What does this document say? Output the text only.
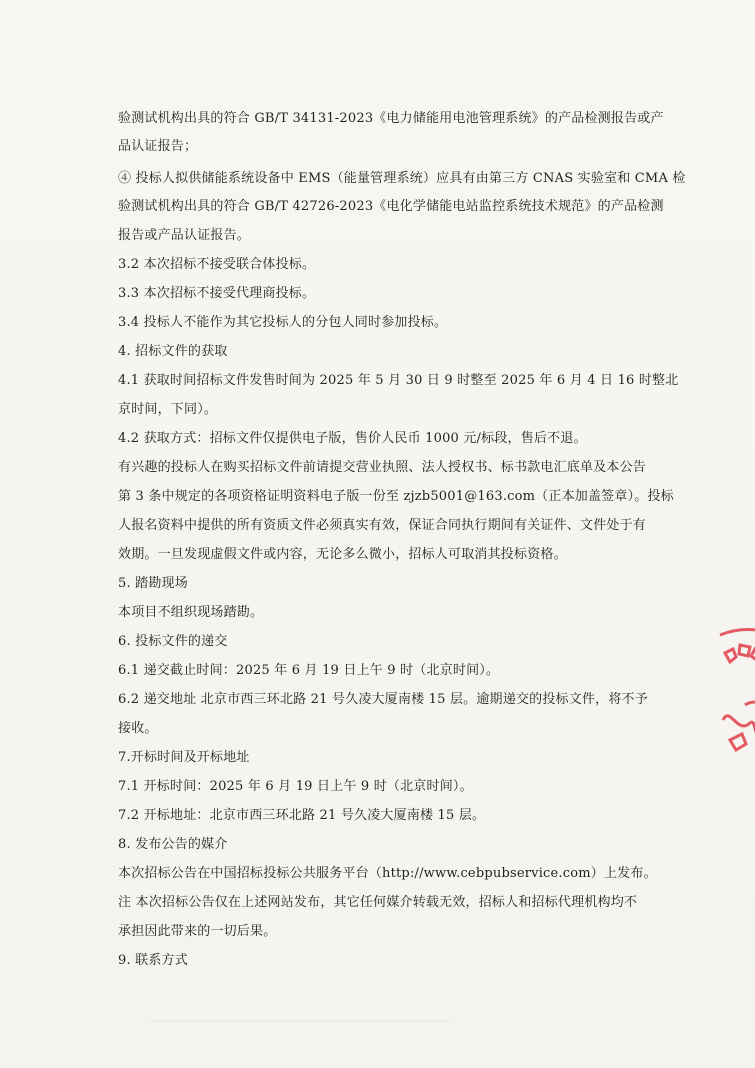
验测试机构出具的符合 GB/T 34131-2023《电力储能用电池管理系统》的产品检测报告或产
品认证报告；
④ 投标人拟供储能系统设备中 EMS（能量管理系统）应具有由第三方 CNAS 实验室和 CMA 检
验测试机构出具的符合 GB/T 42726-2023《电化学储能电站监控系统技术规范》的产品检测
报告或产品认证报告。
3.2 本次招标不接受联合体投标。
3.3 本次招标不接受代理商投标。
3.4 投标人不能作为其它投标人的分包人同时参加投标。
4. 招标文件的获取
4.1 获取时间招标文件发售时间为 2025 年 5 月 30 日 9 时整至 2025 年 6 月 4 日 16 时整北
京时间，下同）。
4.2 获取方式：招标文件仅提供电子版，售价人民币 1000 元/标段，售后不退。
有兴趣的投标人在购买招标文件前请提交营业执照、法人授权书、标书款电汇底单及本公告
第 3 条中规定的各项资格证明资料电子版一份至 zjzb5001@163.com（正本加盖签章）。投标
人报名资料中提供的所有资质文件必须真实有效，保证合同执行期间有关证件、文件处于有
效期。一旦发现虚假文件或内容，无论多么微小，招标人可取消其投标资格。
5. 踏勘现场
本项目不组织现场踏勘。
6. 投标文件的递交
6.1 递交截止时间：2025 年 6 月 19 日上午 9 时（北京时间）。
6.2 递交地址 北京市西三环北路 21 号久凌大厦南楼 15 层。逾期递交的投标文件，将不予
接收。
7.开标时间及开标地址
7.1 开标时间：2025 年 6 月 19 日上午 9 时（北京时间）。
7.2 开标地址：北京市西三环北路 21 号久凌大厦南楼 15 层。
8. 发布公告的媒介
本次招标公告在中国招标投标公共服务平台（http://www.cebpubservice.com）上发布。
注 本次招标公告仅在上述网站发布，其它任何媒介转载无效，招标人和招标代理机构均不
承担因此带来的一切后果。
9. 联系方式
